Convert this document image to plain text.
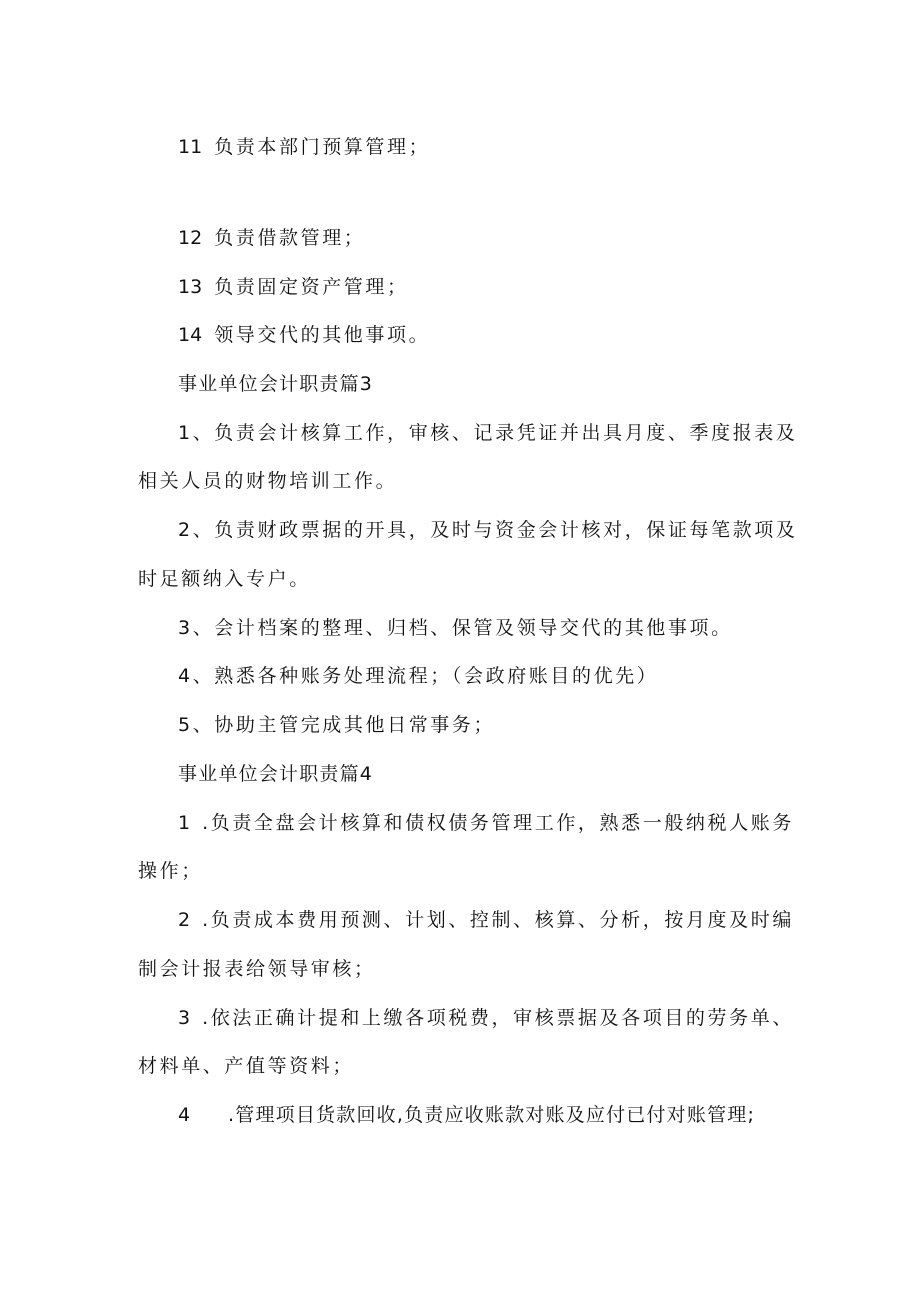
11 负责本部门预算管理；
12 负责借款管理；
13 负责固定资产管理；
14 领导交代的其他事项。
事业单位会计职责篇3
1、负责会计核算工作，审核、记录凭证并出具月度、季度报表及
相关人员的财物培训工作。
2、负责财政票据的开具，及时与资金会计核对，保证每笔款项及
时足额纳入专户。
3、会计档案的整理、归档、保管及领导交代的其他事项。
4、熟悉各种账务处理流程；（会政府账目的优先）
5、协助主管完成其他日常事务；
事业单位会计职责篇4
1 .负责全盘会计核算和债权债务管理工作，熟悉一般纳税人账务
操作；
2 .负责成本费用预测、计划、控制、核算、分析，按月度及时编
制会计报表给领导审核；
3 .依法正确计提和上缴各项税费，审核票据及各项目的劳务单、
材料单、产值等资料；
4 .管理项目货款回收,负责应收账款对账及应付已付对账管理;
